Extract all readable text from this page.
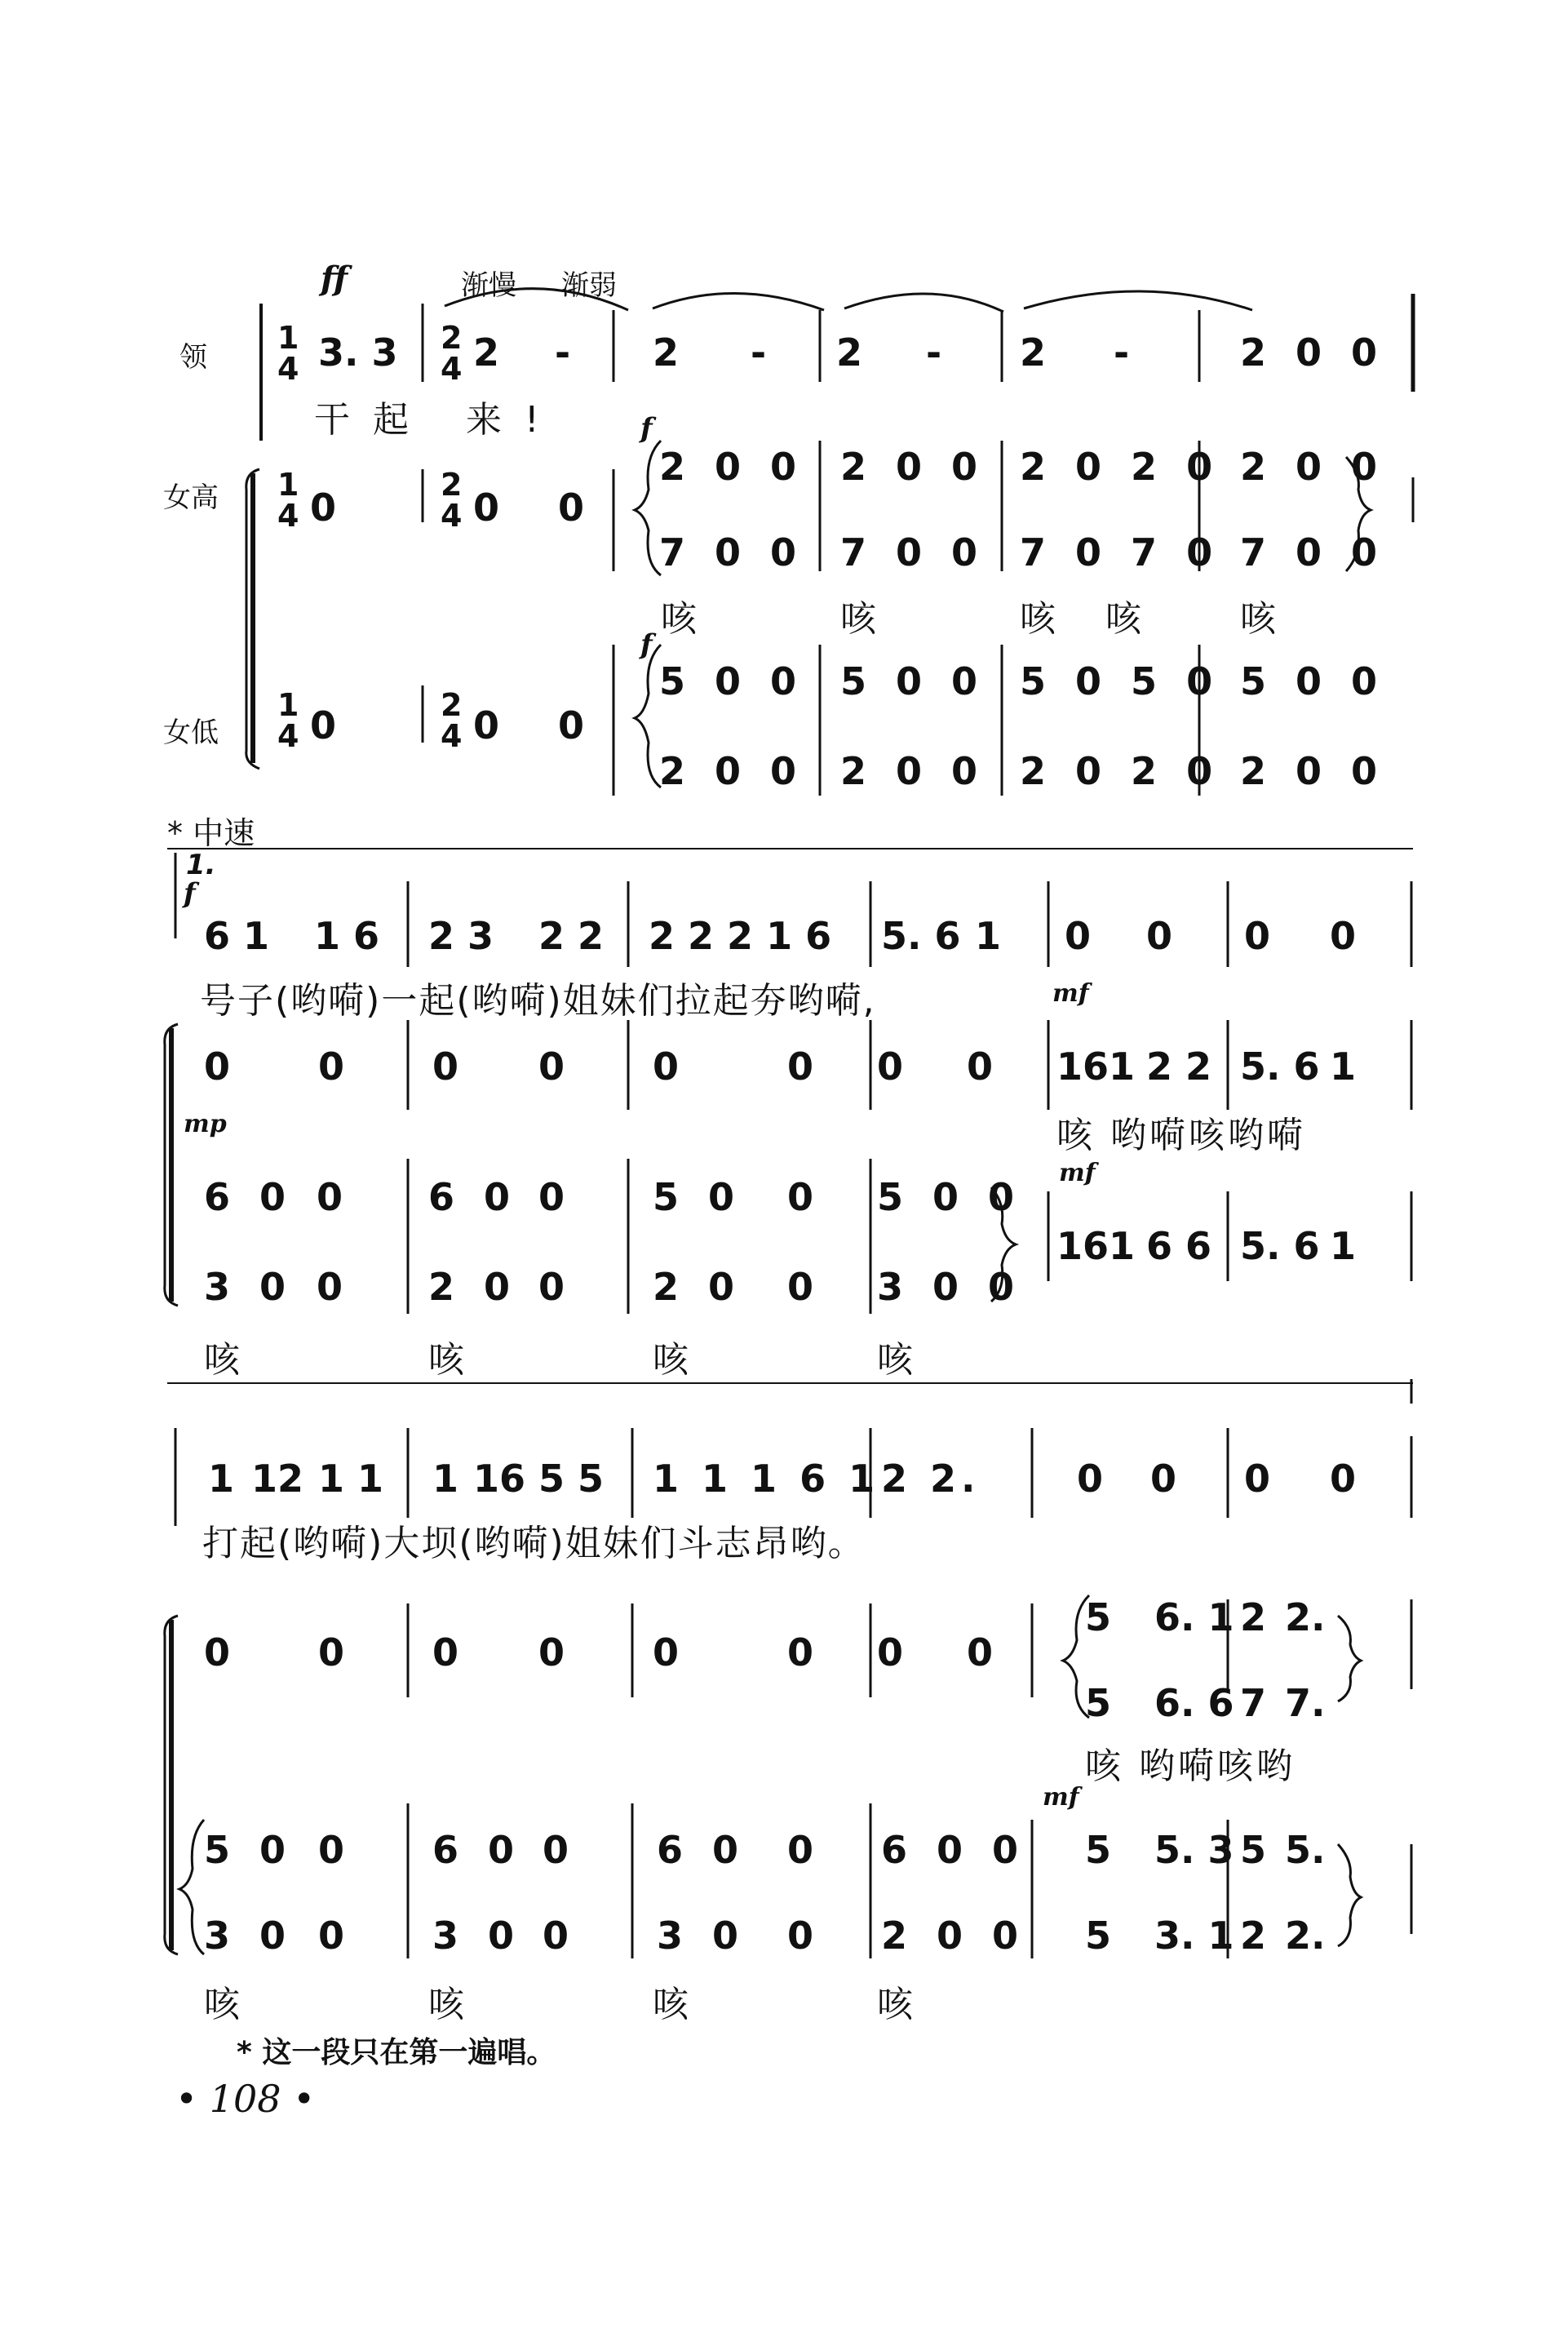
ff	渐慢 渐弱
领
女高
女低
1
4 3. 3 2
4 2 - 2 - 2 - 2 -	2 0 0
干起 来!
1
4 0
2
4 0 0
f
2 0 0 2 0 0 2 0 2 0 2 0 0
7 0 0 7 0 0 7 0 7 0 7 0 0
咳	咳	咳 咳	咳
1
4 0	2
4 0 0
f
5 0 0 5 0 0 5 0 5 0 5 0 0
2 0 0 2 0 0 2 0 2 0 2 0 0
* 中速
1.
f
6 1 1 6 2 3 2 2 2 2 2 1 6 5. 6 1 0 0 0 0
号子(哟嗬)一起(哟嗬)姐妹们拉起夯哟嗬,	mf
0 0 0 0 0	0 0 0 161 2 2 5. 6 1
咳 哟嗬咳哟嗬
mp
mf
6 0 0 6 0 0 5 0 0 5 0 0
3 0 0 2 0 0 2 0 0 3 0 0
161 6 6 5. 6 1
咳	咳	咳	咳
1 12 1 1 1 16 5 5 1 1 1 6 1 2 2.	0 0 0 0
打起(哟嗬)大坝(哟嗬)姐妹们斗志昂哟。
0 0 0 0 0	0 0 0
5 6. 1 2 2.
5 6. 6 7 7.
咳 哟嗬咳哟
mf
5 0 0 6 0 0 6 0 0 6 0 0
3 0 0 3 0 0 3 0 0 2 0 0
5 5. 3 5 5.
5 3. 1 2 2.
咳	咳	咳	咳
* 这一段只在第一遍唱。
• 108 •
